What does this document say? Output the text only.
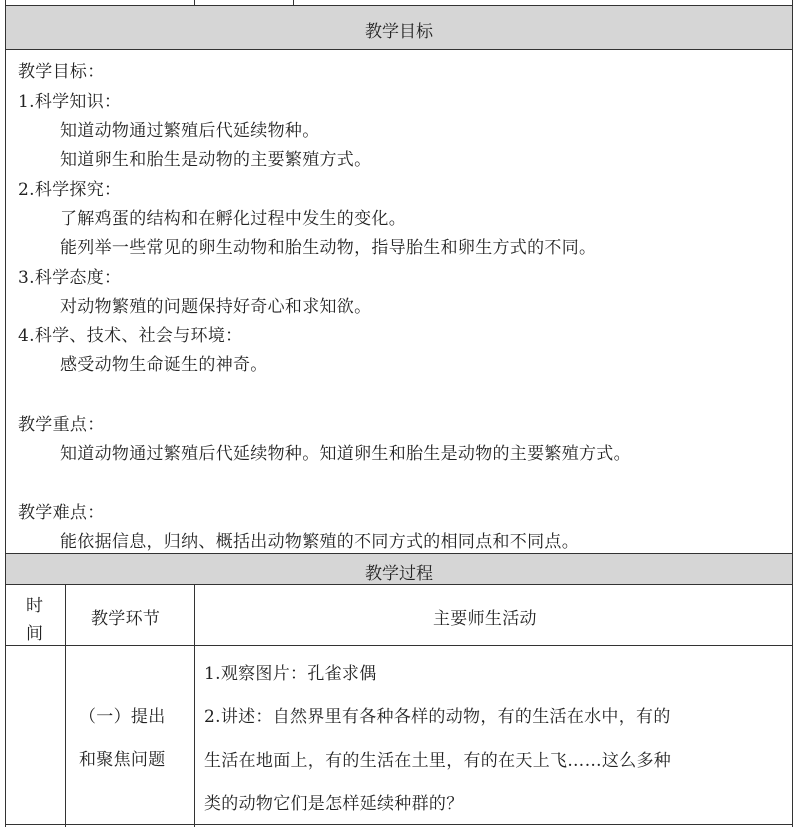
教学目标
教学目标：
1.科学知识：
知道动物通过繁殖后代延续物种。
知道卵生和胎生是动物的主要繁殖方式。
2.科学探究：
了解鸡蛋的结构和在孵化过程中发生的变化。
能列举一些常见的卵生动物和胎生动物，指导胎生和卵生方式的不同。
3.科学态度：
对动物繁殖的问题保持好奇心和求知欲。
4.科学、技术、社会与环境：
感受动物生命诞生的神奇。
教学重点：
知道动物通过繁殖后代延续物种。知道卵生和胎生是动物的主要繁殖方式。
教学难点：
能依据信息，归纳、概括出动物繁殖的不同方式的相同点和不同点。
教学过程
时
间
教学环节	主要师生活动
（一）提出
和聚焦问题
1.观察图片：孔雀求偶
2.讲述：自然界里有各种各样的动物，有的生活在水中，有的
生活在地面上，有的生活在土里，有的在天上飞……这么多种
类的动物它们是怎样延续种群的？
